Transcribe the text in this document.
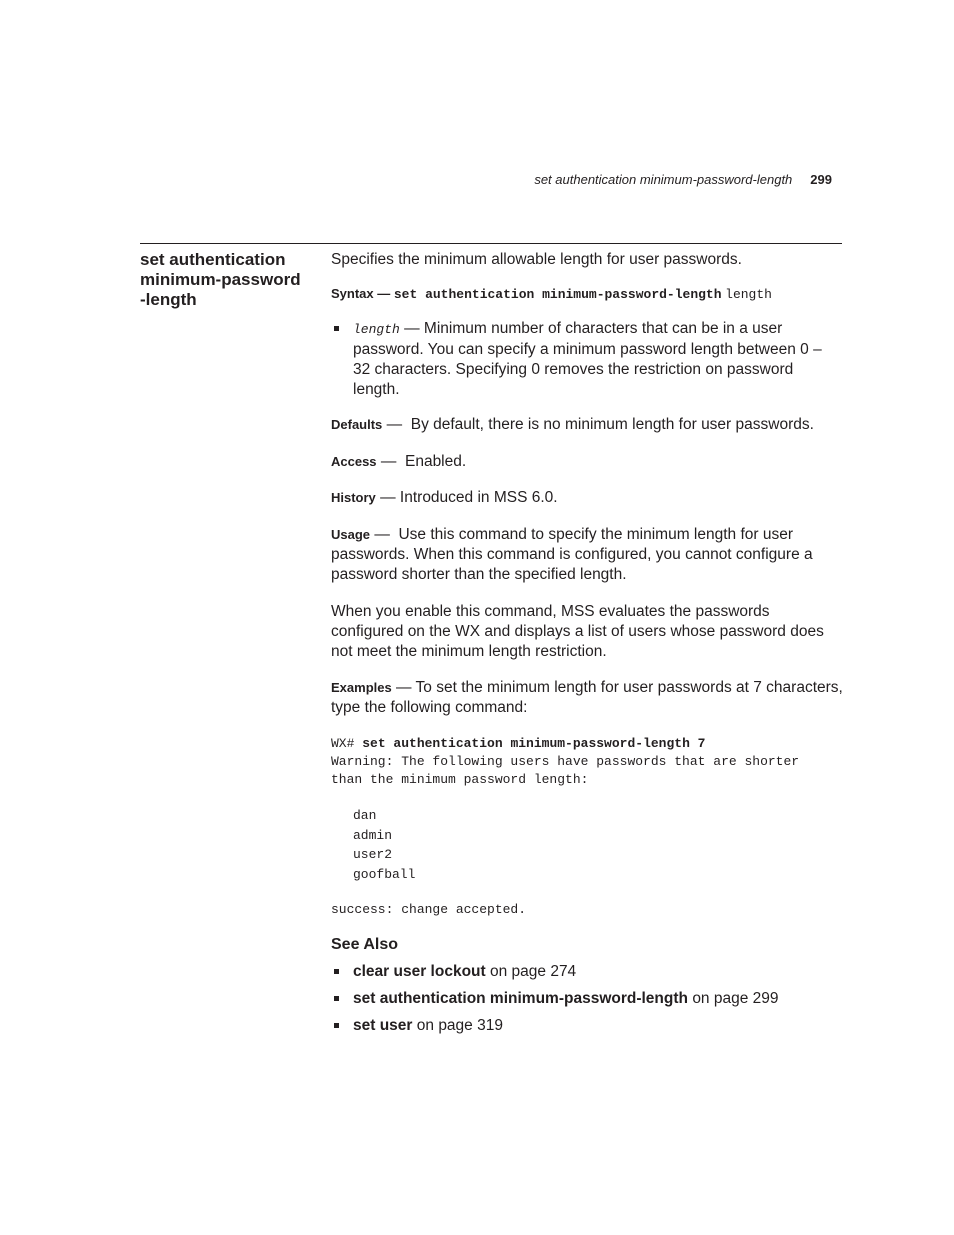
set authentication minimum-password-length 299
set authentication
minimum-password
-length

Specifies the minimum allowable length for user passwords.

Syntax — set authentication minimum-password-length length

length — Minimum number of characters that can be in a user password. You can specify a minimum password length between 0 – 32 characters. Specifying 0 removes the restriction on password length.

Defaults — By default, there is no minimum length for user passwords.

Access — Enabled.

History — Introduced in MSS 6.0.

Usage — Use this command to specify the minimum length for user passwords. When this command is configured, you cannot configure a password shorter than the specified length.

When you enable this command, MSS evaluates the passwords configured on the WX and displays a list of users whose password does not meet the minimum length restriction.

Examples — To set the minimum length for user passwords at 7 characters, type the following command:

WX# set authentication minimum-password-length 7
Warning: The following users have passwords that are shorter
than the minimum password length:
dan
admin
user2
goofball
success: change accepted.

See Also

clear user lockout on page 274

set authentication minimum-password-length on page 299

set user on page 319
